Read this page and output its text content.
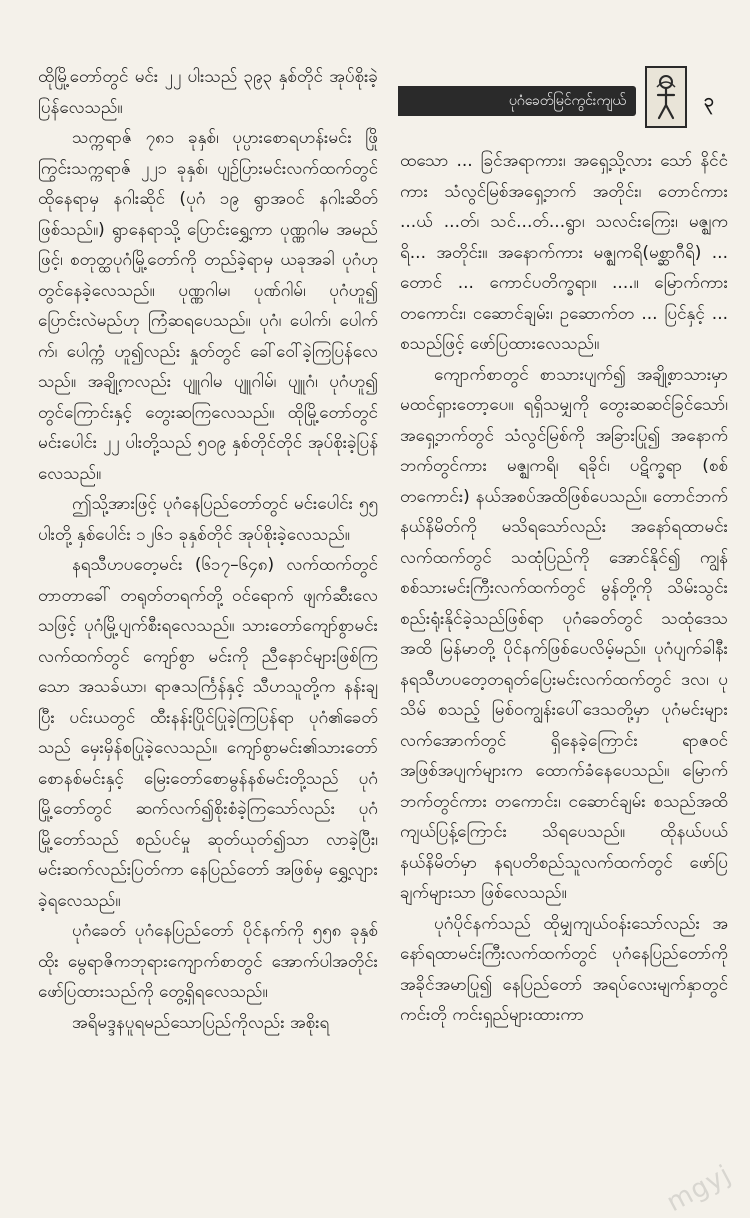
ပုဂံခေတ်မြင်ကွင်းကျယ်	၃

ထိုမြို့တော်တွင် မင်း ၂၂ ပါးသည် ၃၉၃ နှစ်တိုင် အုပ်စိုးခဲ့ပြန်လေသည်။

သက္ကရာဇ် ၇၈၁ ခုနှစ်၊ ပုပ္ပားစောရဟန်းမင်း ဖြို ကြွင်းသက္ကရာဇ် ၂၂၁ ခုနှစ်၊ ပျဉ်ပြားမင်းလက်ထက်တွင် ထိုနေရာမှ နဂါးဆိုင် (ပုဂံ ၁၉ ရွာအဝင် နဂါးဆိတ်ဖြစ်သည်။) ရွာနေရာသို့ ပြောင်းရွှေ့ကာ ပုဏ္ဏဂါမ အမည်ဖြင့်၊ စတုတ္ထပုဂံမြို့တော်ကို တည်ခဲ့ရာမှ ယခုအခါ ပုဂံဟုတွင်နေခဲ့လေသည်။ ပုဏ္ဏဂါမ၊ ပုဏ်ဂါမ်၊ ပုဂံဟူ၍ ပြောင်းလဲမည်ဟု ကြံဆရပေသည်။ ပုဂံ၊ ပေါက်၊ ပေါက်က်၊ ပေါက္ကံ ဟူ၍လည်း နှုတ်တွင် ခေါ်ဝေါ်ခဲ့ကြပြန်လေသည်။ အချို့ကလည်း ပျူဂါမ ပျူဂါမ်၊ ပျူဂံ၊ ပုဂံဟူ၍ တွင်ကြောင်းနှင့် တွေးဆကြလေသည်။ ထိုမြို့တော်တွင် မင်းပေါင်း ၂၂ ပါးတို့သည် ၅၀၉ နှစ်တိုင်တိုင် အုပ်စိုးခဲ့ပြန်လေသည်။

ဤသို့အားဖြင့် ပုဂံနေပြည်တော်တွင် မင်းပေါင်း ၅၅ ပါးတို့ နှစ်ပေါင်း ၁၂၆၁ ခုနှစ်တိုင် အုပ်စိုးခဲ့လေသည်။

နရသီဟပတေ့မင်း (၆၁၇–၆၄၈) လက်ထက်တွင် တာတာခေါ် တရုတ်တရက်တို့ ဝင်ရောက် ဖျက်ဆီးလေသဖြင့် ပုဂံမြို့ပျက်စီးရလေသည်။ သားတော်ကျော်စွာမင်းလက်ထက်တွင် ကျော်စွာ မင်းကို ညီနောင်များဖြစ်ကြသော အသခ်ယာ၊ ရာဇသင်္ကြန်နှင့် သီဟသူတို့က နန်းချပြီး ပင်းယတွင် ထီးနန်းပြိုင်ပြုခဲ့ကြပြန်ရာ ပုဂံ၏ခေတ်သည် မှေးမှိန်စပြုခဲ့လေသည်။ ကျော်စွာမင်း၏သားတော် စောနစ်မင်းနှင့် မြေးတော်စောမွန်နစ်မင်းတို့သည် ပုဂံမြို့တော်တွင် ဆက်လက်၍စိုးစံခဲ့ကြသော်လည်း ပုဂံမြို့တော်သည် စည်ပင်မှု ဆုတ်ယုတ်၍သာ လာခဲ့ပြီး၊ မင်းဆက်လည်းပြတ်ကာ နေပြည်တော် အဖြစ်မှ ရွှေ့လျားခဲ့ရလေသည်။

ပုဂံခေတ် ပုဂံနေပြည်တော် ပိုင်နက်ကို ၅၅၈ ခုနှစ်ထိုး မွေရာဇိကဘုရားကျောက်စာတွင် အောက်ပါအတိုင်း ဖော်ပြထားသည်ကို တွေ့ရှိရလေသည်။

အရိမဒ္ဒနပူရမည်သောပြည်ကိုလည်း အစိုးရ

ထသော ... ခြင်အရာကား၊ အရှေ့သို့လား သော် နိင်ငံကား သံလွင်မြစ်အရှေ့ဘက် အတိုင်း၊ တောင်ကား ...ယ် ...တ်၊ သင်...တ်...ရွာ၊ သလင်းကြေး၊ မဇ္ဈကရိ... အတိုင်း။ အနောက်ကား မဇ္ဈကရိ(မစ္ဆာဂီရိ) ... တောင် ... ကောင်ပတိက္ခရာ။ ....။ မြောက်ကား တကောင်း၊ ငဆောင်ချမ်း၊ ဥဆောက်တ ... ပြင်နှင့် ... စသည်ဖြင့် ဖော်ပြထားလေသည်။

ကျောက်စာတွင် စာသားပျက်၍ အချို့စာသားမှာ မထင်ရှားတော့ပေ။ ရရှိသမျှကို တွေးဆဆင်ခြင်သော်၊ အရှေ့ဘက်တွင် သံလွင်မြစ်ကို အခြားပြု၍ အနောက်ဘက်တွင်ကား မဇ္ဈကရိ၊ ရခိုင်၊ ပဋိက္ခရာ (စစ်တကောင်း) နယ်အစပ်အထိဖြစ်ပေသည်။ တောင်ဘက်နယ်နိမိတ်ကို မသိရသော်လည်း အနော်ရထာမင်းလက်ထက်တွင် သထုံပြည်ကို အောင်နိုင်၍ ကျွန်စစ်သားမင်းကြီးလက်ထက်တွင် မွန်တို့ကို သိမ်းသွင်းစည်းရုံးနိုင်ခဲ့သည်ဖြစ်ရာ ပုဂံခေတ်တွင် သထုံဒေသအထိ မြန်မာတို့ ပိုင်နက်ဖြစ်ပေလိမ့်မည်။ ပုဂံပျက်ခါနီး နရသီဟပတေ့တရုတ်ပြေးမင်းလက်ထက်တွင် ဒလ၊ ပုသိမ် စသည့် မြစ်ဝကျွန်းပေါ်ဒေသတို့မှာ ပုဂံမင်းများလက်အောက်တွင် ရှိနေခဲ့ကြောင်း ရာဇဝင်အဖြစ်အပျက်များက ထောက်ခံနေပေသည်။ မြောက်ဘက်တွင်ကား တကောင်း၊ ငဆောင်ချမ်း စသည်အထိ ကျယ်ပြန့်ကြောင်း သိရပေသည်။ ထိုနယ်ပယ် နယ်နိမိတ်မှာ နရပတိစည်သူလက်ထက်တွင် ဖော်ပြချက်များသာ ဖြစ်လေသည်။

ပုဂံပိုင်နက်သည် ထိုမျှကျယ်ဝန်းသော်လည်း အနော်ရထာမင်းကြီးလက်ထက်တွင် ပုဂံနေပြည်တော်ကို အခိုင်အမာပြု၍ နေပြည်တော် အရပ်လေးမျက်နှာတွင် ကင်းတို ကင်းရှည်များထားကာ

mgyj
